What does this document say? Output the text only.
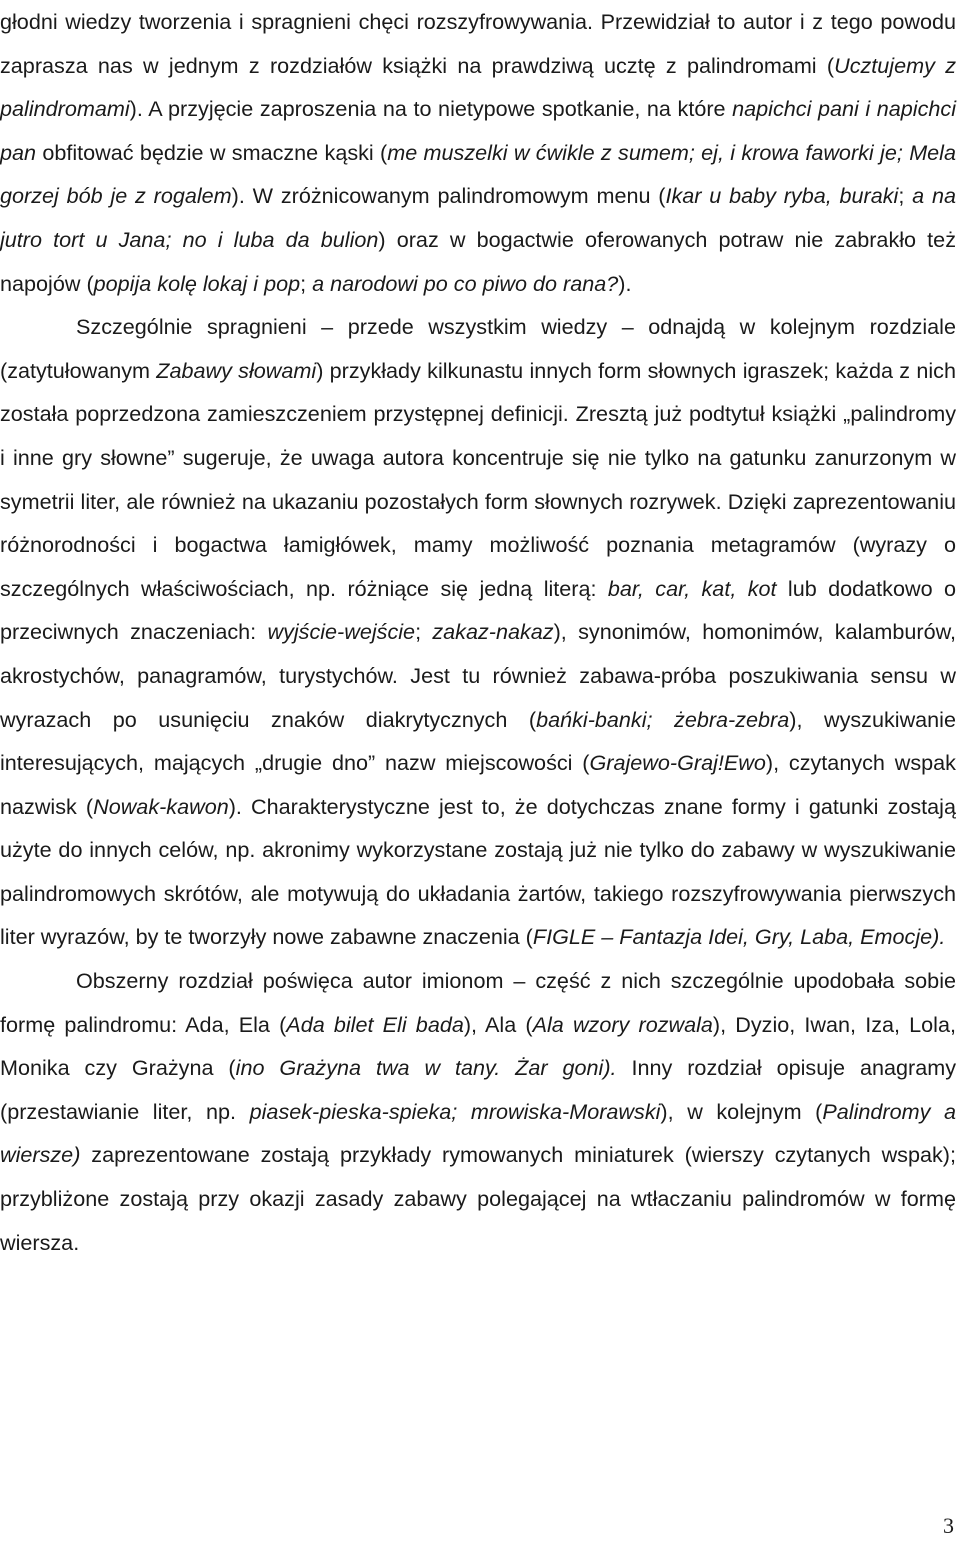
głodni wiedzy tworzenia i spragnieni chęci rozszyfrowywania. Przewidział to autor i z tego powodu zaprasza nas w jednym z rozdziałów książki na prawdziwą ucztę z palindromami (Ucztujemy z palindromami). A przyjęcie zaproszenia na to nietypowe spotkanie, na które napichci pani i napichci pan obfitować będzie w smaczne kąski (me muszelki w ćwikle z sumem; ej, i krowa faworki je; Mela gorzej bób je z rogalem). W zróżnicowanym palindromowym menu (Ikar u baby ryba, buraki; a na jutro tort u Jana; no i luba da bulion) oraz w bogactwie oferowanych potraw nie zabrakło też napojów (popija kolę lokaj i pop; a narodowi po co piwo do rana?).

Szczególnie spragnieni – przede wszystkim wiedzy – odnajdą w kolejnym rozdziale (zatytułowanym Zabawy słowami) przykłady kilkunastu innych form słownych igraszek; każda z nich została poprzedzona zamieszczeniem przystępnej definicji. Zresztą już podtytuł książki „palindromy i inne gry słowne” sugeruje, że uwaga autora koncentruje się nie tylko na gatunku zanurzonym w symetrii liter, ale również na ukazaniu pozostałych form słownych rozrywek. Dzięki zaprezentowaniu różnorodności i bogactwa łamigłówek, mamy możliwość poznania metagramów (wyrazy o szczególnych właściwościach, np. różniące się jedną literą: bar, car, kat, kot lub dodatkowo o przeciwnych znaczeniach: wyjście-wejście; zakaz-nakaz), synonimów, homonimów, kalamburów, akrostychów, panagramów, turystychów. Jest tu również zabawa-próba poszukiwania sensu w wyrazach po usunięciu znaków diakrytycznych (bańki-banki; żebra-zebra), wyszukiwanie interesujących, mających „drugie dno” nazw miejscowości (Grajewo-Graj!Ewo), czytanych wspak nazwisk (Nowak-kawon). Charakterystyczne jest to, że dotychczas znane formy i gatunki zostają użyte do innych celów, np. akronimy wykorzystane zostają już nie tylko do zabawy w wyszukiwanie palindromowych skrótów, ale motywują do układania żartów, takiego rozszyfrowywania pierwszych liter wyrazów, by te tworzyły nowe zabawne znaczenia (FIGLE – Fantazja Idei, Gry, Laba, Emocje).

Obszerny rozdział poświęca autor imionom – część z nich szczególnie upodobała sobie formę palindromu: Ada, Ela (Ada bilet Eli bada), Ala (Ala wzory rozwala), Dyzio, Iwan, Iza, Lola, Monika czy Grażyna (ino Grażyna twa w tany. Żar goni). Inny rozdział opisuje anagramy (przestawianie liter, np. piasek-pieska-spieka; mrowiska-Morawski), w kolejnym (Palindromy a wiersze) zaprezentowane zostają przykłady rymowanych miniaturek (wierszy czytanych wspak); przybliżone zostają przy okazji zasady zabawy polegającej na wtłaczaniu palindromów w formę wiersza.

3
